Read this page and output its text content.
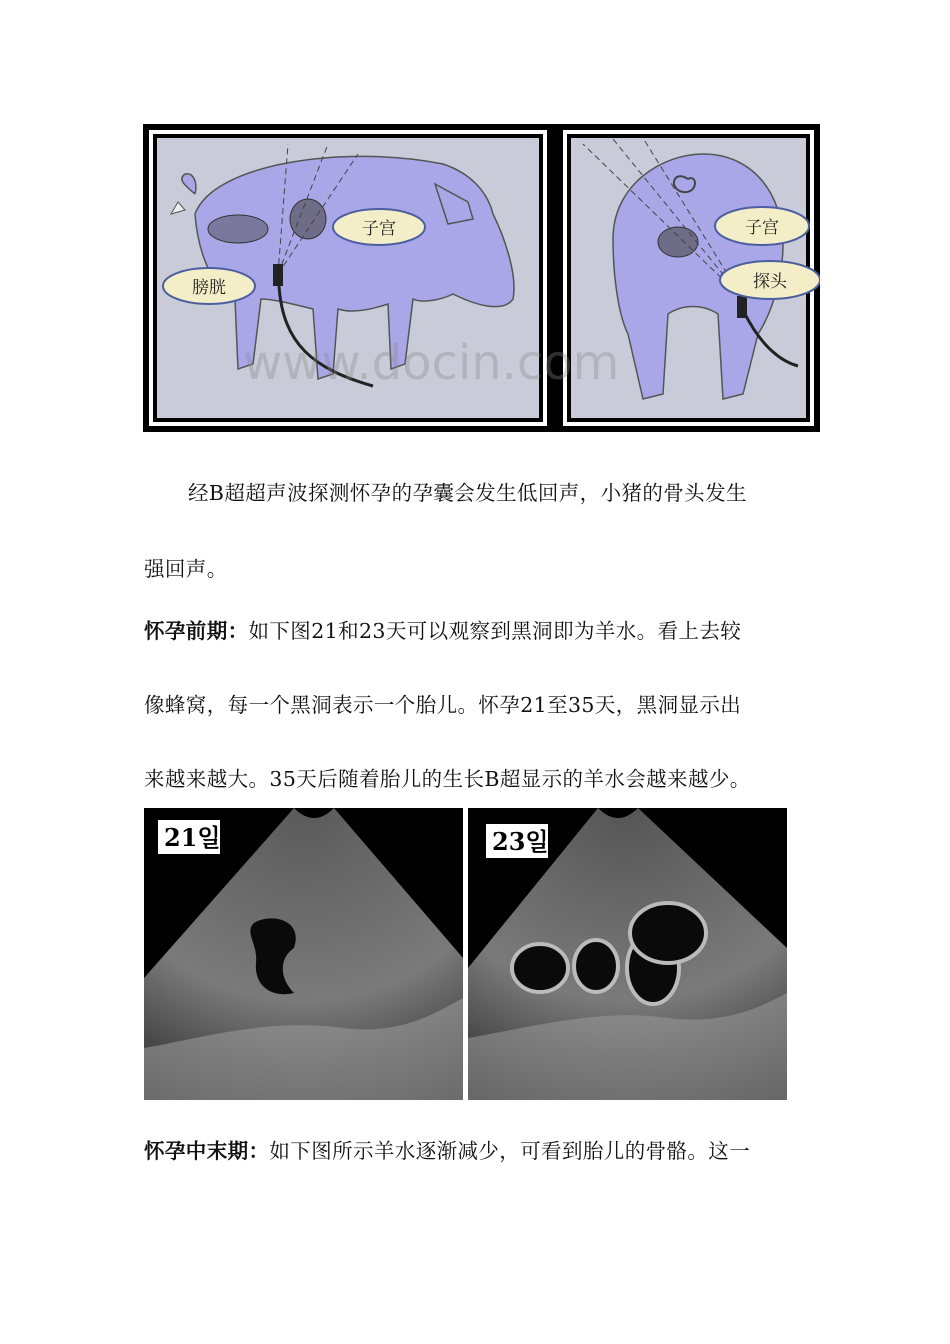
子宫
膀胱
子宫
探头
www.docin.com
经B超超声波探测怀孕的孕囊会发生低回声，小猪的骨头发生
强回声。
怀孕前期：如下图21和23天可以观察到黑洞即为羊水。看上去较
像蜂窝，每一个黑洞表示一个胎儿。怀孕21至35天，黑洞显示出
来越来越大。35天后随着胎儿的生长B超显示的羊水会越来越少。
21일	23일
怀孕中末期：如下图所示羊水逐渐减少，可看到胎儿的骨骼。这一
